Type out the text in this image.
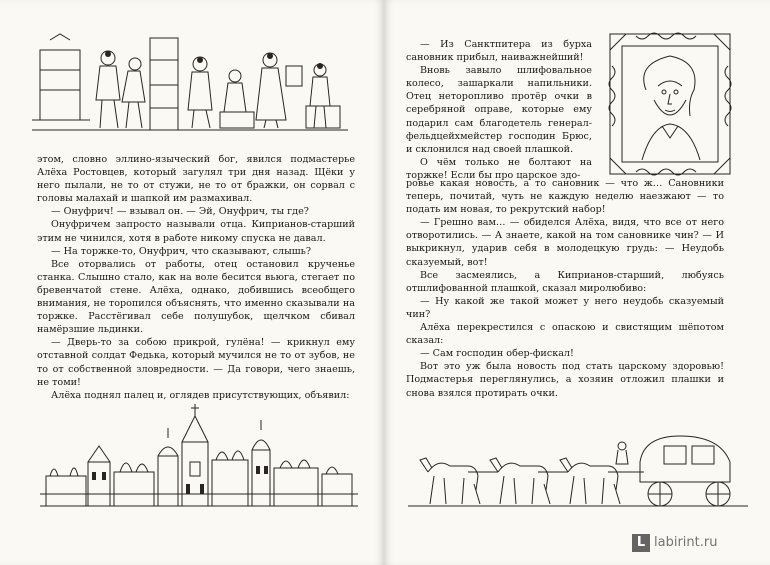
этом, словно эллино-язычеcкий бог, явился подмастерье Алёха Ростовцев, который загулял три дня назад. Щёки у него пылали, не то от стужи, не то от бражки, он сорвал с головы малахай и шапкой им размахивал.

— Онуфрич! — взывал он. — Эй, Онуфрич, ты где?

Онуфричем запросто называли отца. Киприанов-старший этим не чинился, хотя в работе никому спуска не давал.

— На торжке-то, Онуфрич, что сказывают, слышь?

Все оторвались от работы, отец остановил крученье станка. Слышно стало, как на воле бесится вьюга, стегает по бревенчатой стене. Алёха, однако, добившись всеобщего внимания, не торопился объяснять, что именно сказывали на торжке. Расстёгивал себе полушубок, щелчком сбивал намёрзшие льдинки.

— Дверь-то за собою прикрой, гулёна! — крикнул ему отставной солдат Федька, который мучился не то от зубов, не то от собственной зловредности. — Да говори, чего знаешь, не томи!

Алёха поднял палец и, оглядев присутствующих, объявил:

— Из Санктпитера из бурха сановник прибыл, наиважнейший!

Вновь завыло шлифовальное колесо, зашаркали напильники. Отец неторопливо протёр очки в серебряной оправе, которые ему подарил сам благодетель генерал-фельдцейхмейстер господин Брюс, и склонился над своей плашкой.

О чём только не болтают на торжке! Если бы про царское здо-

ровье какая новость, а то сановник — что ж… Сановники теперь, почитай, чуть не каждую неделю наезжают — то подать им новая, то рекрутский набор!

— Грешно вам… — обиделся Алёха, видя, что все от него отворотились. — А знаете, какой на том сановнике чин? — И выкрикнул, ударив себя в молодецкую грудь: — Неудобь сказуемый, вот!

Все засмеялись, а Киприанов-старший, любуясь отшлифованной плашкой, сказал миролюбиво:

— Ну какой же такой может у него неудобь сказуемый чин?

Алёха перекрестился с опаскою и свистящим шёпотом сказал:

— Сам господин обер-фискал!

Вот это уж была новость под стать царскому здоровью! Подмастерья переглянулись, а хозяин отложил плашки и снова взялся протирать очки.

L labirint.ru
